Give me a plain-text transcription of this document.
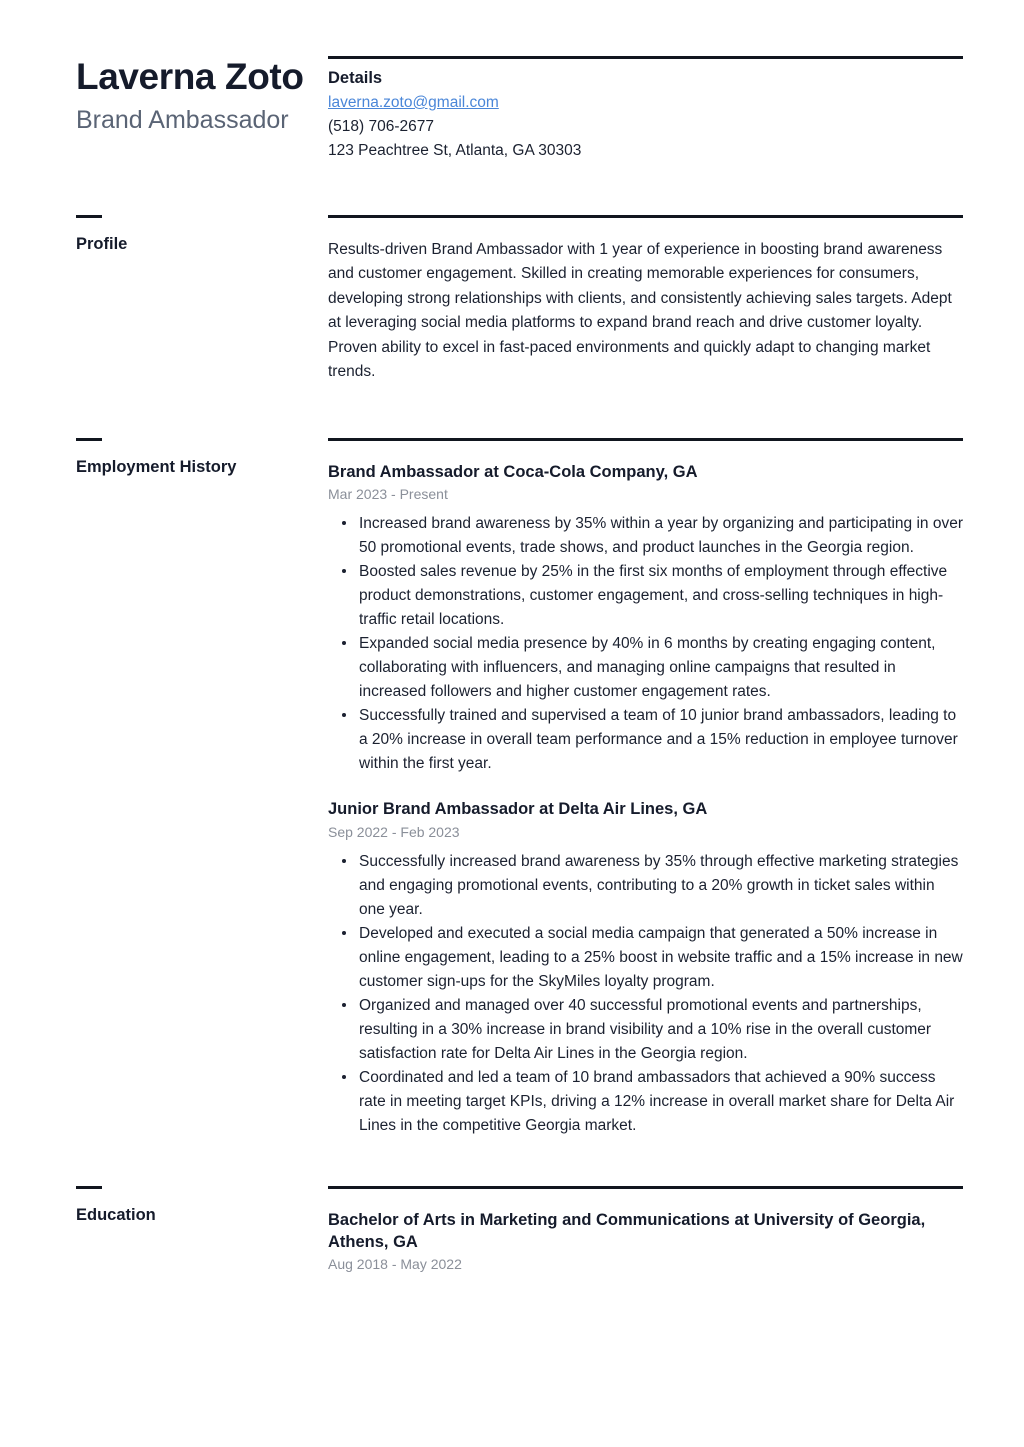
Laverna Zoto
Brand Ambassador
Details
laverna.zoto@gmail.com
(518) 706-2677
123 Peachtree St, Atlanta, GA 30303
Profile	Results-driven Brand Ambassador with 1 year of experience in boosting brand awareness and customer engagement. Skilled in creating memorable experiences for consumers, developing strong relationships with clients, and consistently achieving sales targets. Adept at leveraging social media platforms to expand brand reach and drive customer loyalty. Proven ability to excel in fast-paced environments and quickly adapt to changing market trends.

Employment History	Brand Ambassador at Coca-Cola Company, GA
Mar 2023 - Present
Increased brand awareness by 35% within a year by organizing and participating in over 50 promotional events, trade shows, and product launches in the Georgia region.
Boosted sales revenue by 25% in the first six months of employment through effective product demonstrations, customer engagement, and cross-selling techniques in high-traffic retail locations.
Expanded social media presence by 40% in 6 months by creating engaging content, collaborating with influencers, and managing online campaigns that resulted in increased followers and higher customer engagement rates.
Successfully trained and supervised a team of 10 junior brand ambassadors, leading to a 20% increase in overall team performance and a 15% reduction in employee turnover within the first year.
Junior Brand Ambassador at Delta Air Lines, GA
Sep 2022 - Feb 2023
Successfully increased brand awareness by 35% through effective marketing strategies and engaging promotional events, contributing to a 20% growth in ticket sales within one year.
Developed and executed a social media campaign that generated a 50% increase in online engagement, leading to a 25% boost in website traffic and a 15% increase in new customer sign-ups for the SkyMiles loyalty program.
Organized and managed over 40 successful promotional events and partnerships, resulting in a 30% increase in brand visibility and a 10% rise in the overall customer satisfaction rate for Delta Air Lines in the Georgia region.
Coordinated and led a team of 10 brand ambassadors that achieved a 90% success rate in meeting target KPIs, driving a 12% increase in overall market share for Delta Air Lines in the competitive Georgia market.
Education	Bachelor of Arts in Marketing and Communications at University of Georgia, Athens, GA
Aug 2018 - May 2022
